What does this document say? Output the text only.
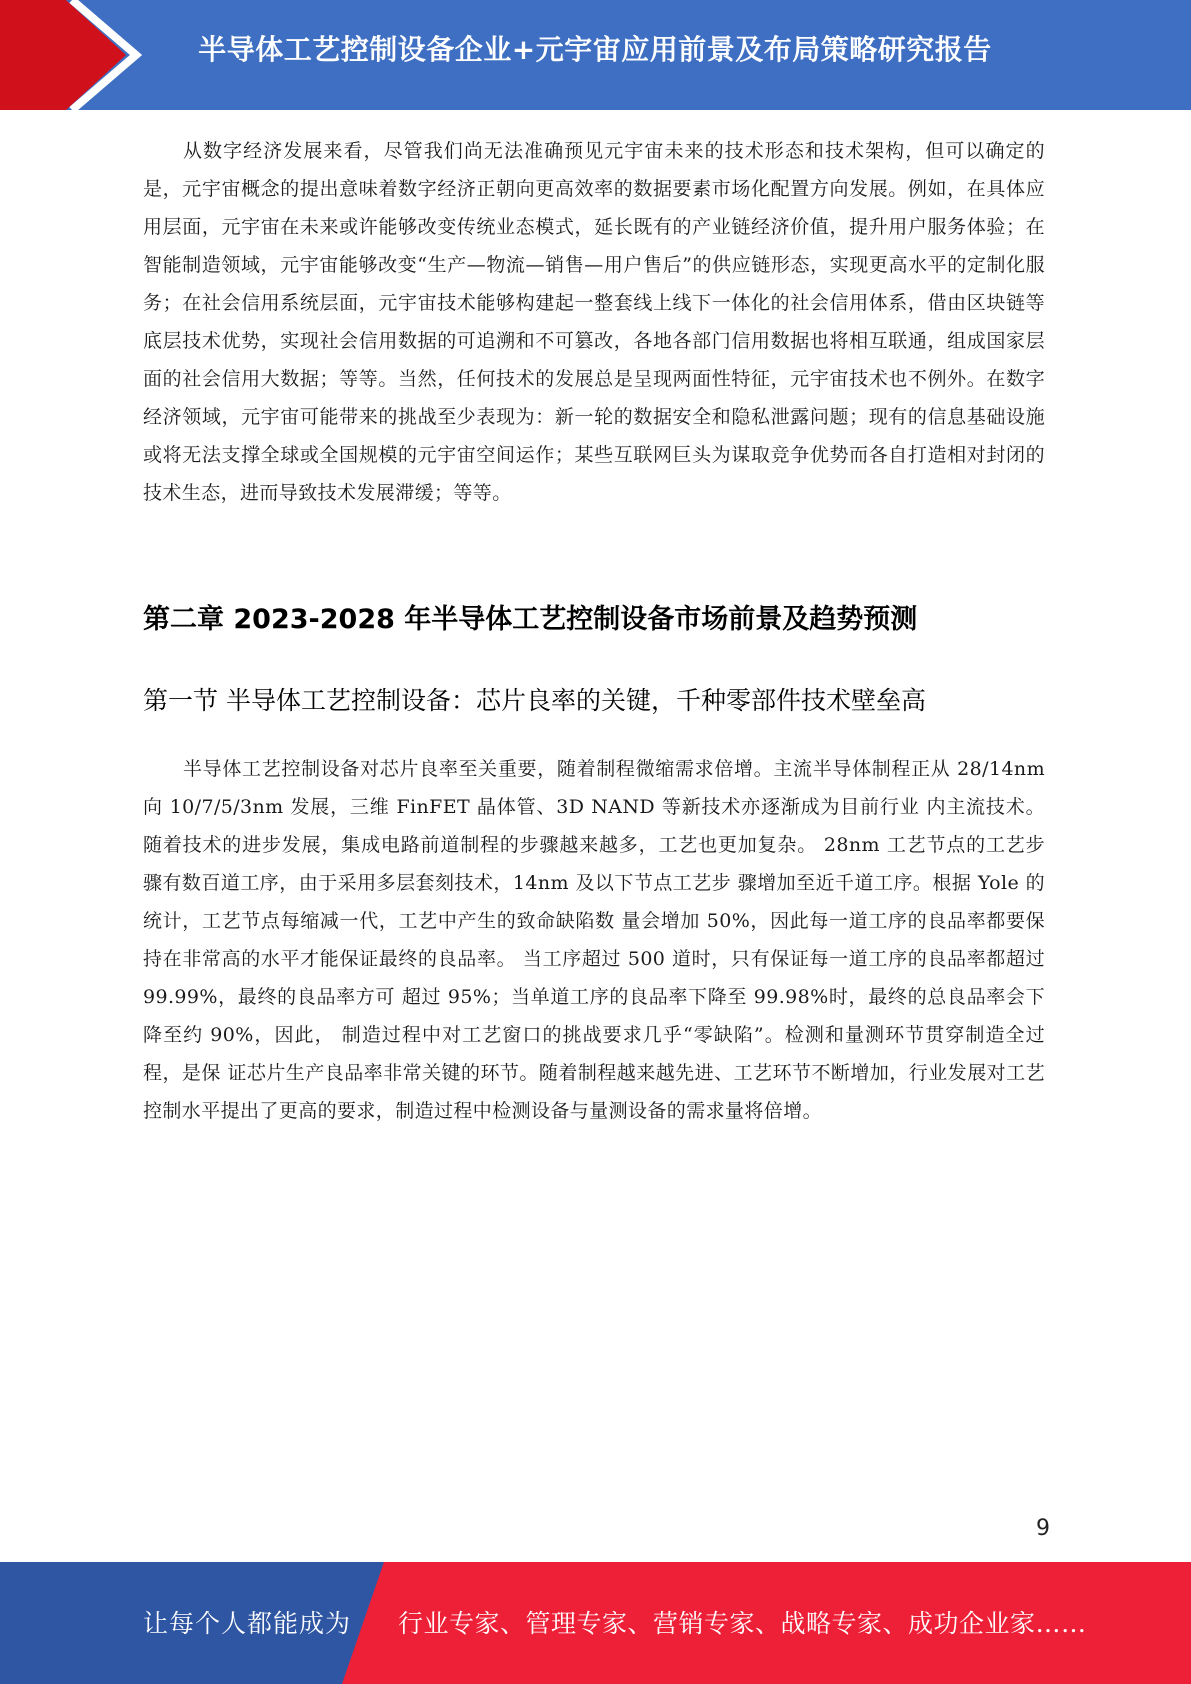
半导体工艺控制设备企业+元宇宙应用前景及布局策略研究报告

从数字经济发展来看，尽管我们尚无法准确预见元宇宙未来的技术形态和技术架构，但可以确定的是，元宇宙概念的提出意味着数字经济正朝向更高效率的数据要素市场化配置方向发展。例如，在具体应用层面，元宇宙在未来或许能够改变传统业态模式，延长既有的产业链经济价值，提升用户服务体验；在智能制造领域，元宇宙能够改变“生产—物流—销售—用户售后”的供应链形态，实现更高水平的定制化服务；在社会信用系统层面，元宇宙技术能够构建起一整套线上线下一体化的社会信用体系，借由区块链等底层技术优势，实现社会信用数据的可追溯和不可篡改，各地各部门信用数据也将相互联通，组成国家层面的社会信用大数据；等等。当然，任何技术的发展总是呈现两面性特征，元宇宙技术也不例外。在数字经济领域，元宇宙可能带来的挑战至少表现为：新一轮的数据安全和隐私泄露问题；现有的信息基础设施或将无法支撑全球或全国规模的元宇宙空间运作；某些互联网巨头为谋取竞争优势而各自打造相对封闭的技术生态，进而导致技术发展滞缓；等等。

第二章 2023-2028 年半导体工艺控制设备市场前景及趋势预测
第一节 半导体工艺控制设备：芯片良率的关键，千种零部件技术壁垒高

半导体工艺控制设备对芯片良率至关重要，随着制程微缩需求倍增。主流半导体制程正从 28/14nm 向 10/7/5/3nm 发展，三维 FinFET 晶体管、3D NAND 等新技术亦逐渐成为目前行业 内主流技术。随着技术的进步发展，集成电路前道制程的步骤越来越多，工艺也更加复杂。 28nm 工艺节点的工艺步骤有数百道工序，由于采用多层套刻技术，14nm 及以下节点工艺步 骤增加至近千道工序。根据 Yole 的统计，工艺节点每缩减一代，工艺中产生的致命缺陷数 量会增加 50%，因此每一道工序的良品率都要保持在非常高的水平才能保证最终的良品率。 当工序超过 500 道时，只有保证每一道工序的良品率都超过 99.99%，最终的良品率方可 超过 95%；当单道工序的良品率下降至 99.98%时，最终的总良品率会下降至约 90%，因此， 制造过程中对工艺窗口的挑战要求几乎“零缺陷”。检测和量测环节贯穿制造全过程，是保 证芯片生产良品率非常关键的环节。随着制程越来越先进、工艺环节不断增加，行业发展对工艺控制水平提出了更高的要求，制造过程中检测设备与量测设备的需求量将倍增。

9
让每个人都能成为 行业专家、管理专家、营销专家、战略专家、成功企业家……
